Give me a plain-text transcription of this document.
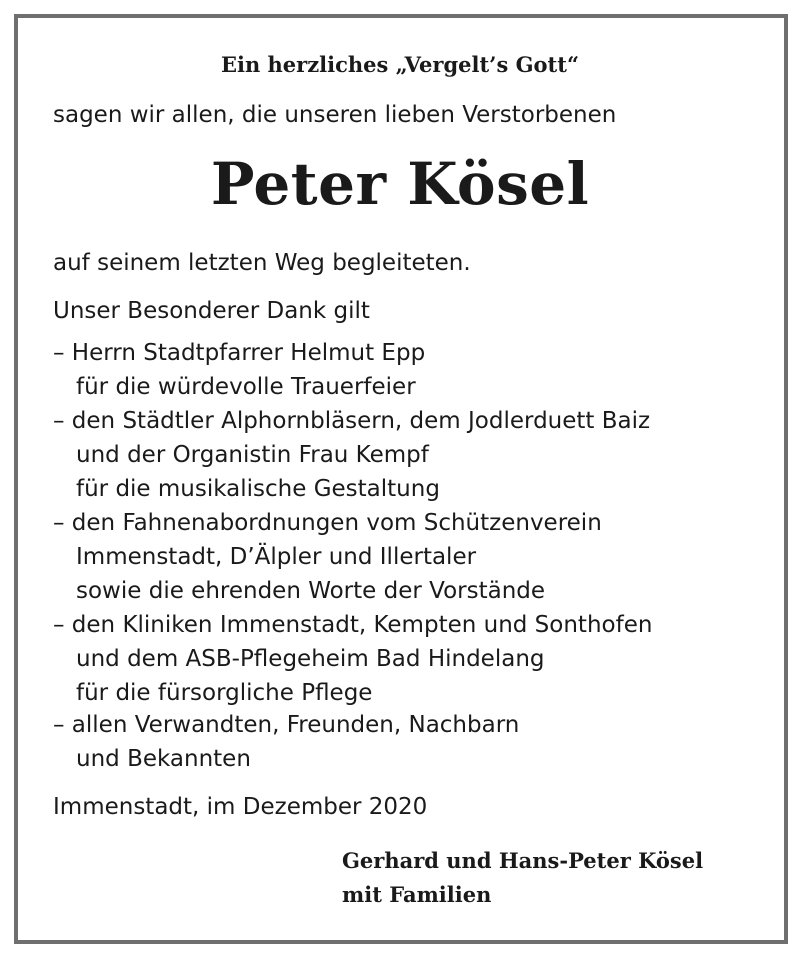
Ein herzliches „Vergelt’s Gott“
sagen wir allen, die unseren lieben Verstorbenen
Peter Kösel
auf seinem letzten Weg begleiteten.
Unser Besonderer Dank gilt
– Herrn Stadtpfarrer Helmut Epp
für die würdevolle Trauerfeier
– den Städtler Alphornbläsern, dem Jodlerduett Baiz
und der Organistin Frau Kempf
für die musikalische Gestaltung
– den Fahnenabordnungen vom Schützenverein
Immenstadt, D’Älpler und Illertaler
sowie die ehrenden Worte der Vorstände
– den Kliniken Immenstadt, Kempten und Sonthofen
und dem ASB-Pflegeheim Bad Hindelang
für die fürsorgliche Pflege
– allen Verwandten, Freunden, Nachbarn
und Bekannten
Immenstadt, im Dezember 2020
Gerhard und Hans-Peter Kösel
mit Familien
